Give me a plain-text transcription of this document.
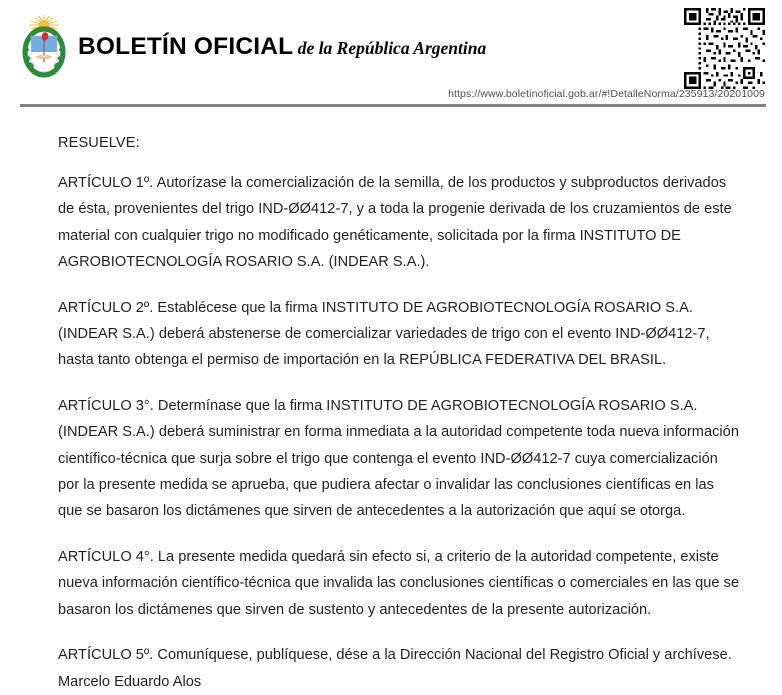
BOLETÍN OFICIAL de la República Argentina
https://www.boletinoficial.gob.ar/#!DetalleNorma/235913/20201009

RESUELVE:

ARTÍCULO 1º. Autorízase la comercialización de la semilla, de los productos y subproductos derivados de ésta, provenientes del trigo IND-ØØ412-7, y a toda la progenie derivada de los cruzamientos de este material con cualquier trigo no modificado genéticamente, solicitada por la firma INSTITUTO DE AGROBIOTECNOLOGÍA ROSARIO S.A. (INDEAR S.A.).

ARTÍCULO 2º. Establécese que la firma INSTITUTO DE AGROBIOTECNOLOGÍA ROSARIO S.A. (INDEAR S.A.) deberá abstenerse de comercializar variedades de trigo con el evento IND-ØØ412-7, hasta tanto obtenga el permiso de importación en la REPÚBLICA FEDERATIVA DEL BRASIL.

ARTÍCULO 3°. Determínase que la firma INSTITUTO DE AGROBIOTECNOLOGÍA ROSARIO S.A. (INDEAR S.A.) deberá suministrar en forma inmediata a la autoridad competente toda nueva información científico-técnica que surja sobre el trigo que contenga el evento IND-ØØ412-7 cuya comercialización por la presente medida se aprueba, que pudiera afectar o invalidar las conclusiones científicas en las que se basaron los dictámenes que sirven de antecedentes a la autorización que aquí se otorga.

ARTÍCULO 4°. La presente medida quedará sin efecto si, a criterio de la autoridad competente, existe nueva información científico-técnica que invalida las conclusiones científicas o comerciales en las que se basaron los dictámenes que sirven de sustento y antecedentes de la presente autorización.

ARTÍCULO 5º. Comuníquese, publíquese, dése a la Dirección Nacional del Registro Oficial y archívese. Marcelo Eduardo Alos
